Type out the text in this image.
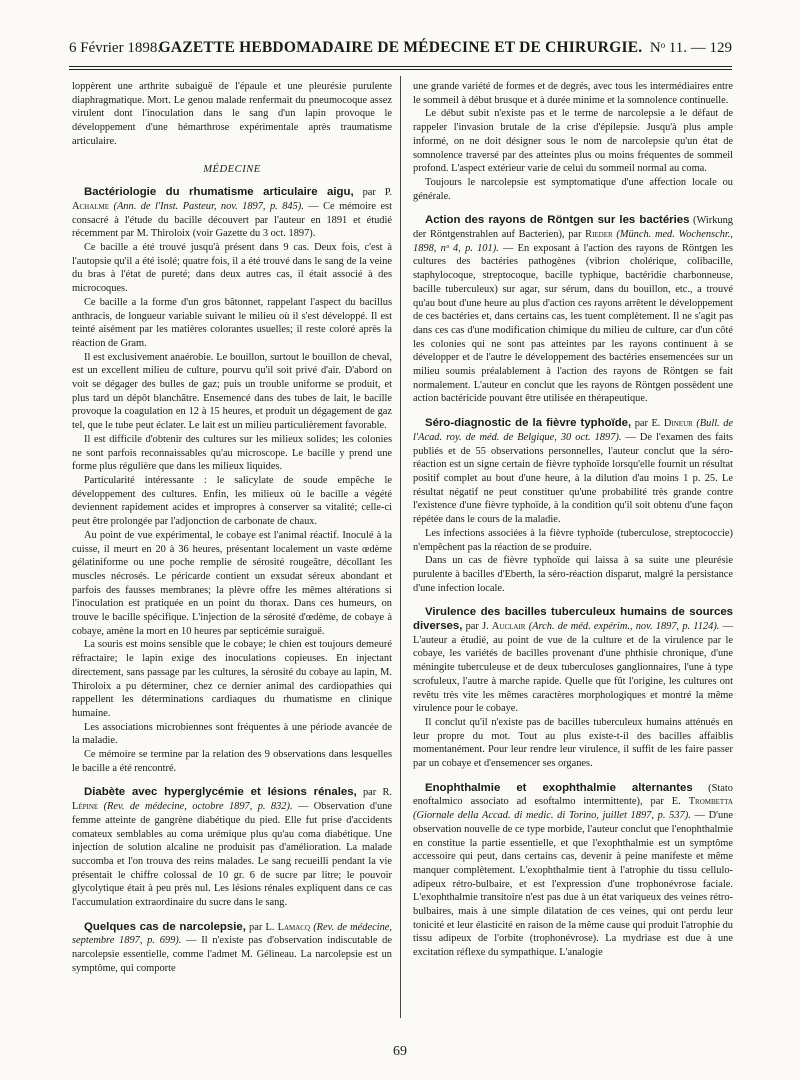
6 Février 1898.
GAZETTE HEBDOMADAIRE DE MÉDECINE ET DE CHIRURGIE. Nᵒ 11. — 129

loppèrent une arthrite subaiguë de l'épaule et une pleurésie purulente diaphragmatique. Mort. Le genou malade renfermait du pneumocoque assez virulent dont l'inoculation dans le sang d'un lapin provoque le développement d'une hémarthrose expérimentale après traumatisme articulaire.

MÉDECINE

Bactériologie du rhumatisme articulaire aigu, par P. Achalme (Ann. de l'Inst. Pasteur, nov. 1897, p. 845). — Ce mémoire est consacré à l'étude du bacille découvert par l'auteur en 1891 et étudié récemment par M. Thiroloix (voir Gazette du 3 oct. 1897).

Ce bacille a été trouvé jusqu'à présent dans 9 cas. Deux fois, c'est à l'autopsie qu'il a été isolé; quatre fois, il a été trouvé dans le sang de la veine du bras à l'état de pureté; dans deux autres cas, il était associé à des microcoques.

Ce bacille a la forme d'un gros bâtonnet, rappelant l'aspect du bacillus anthracis, de longueur variable suivant le milieu où il s'est développé. Il est teinté aisément par les matières colorantes usuelles; il reste coloré après la réaction de Gram.

Il est exclusivement anaérobie. Le bouillon, surtout le bouillon de cheval, est un excellent milieu de culture, pourvu qu'il soit privé d'air. D'abord on voit se dégager des bulles de gaz; puis un trouble uniforme se produit, et plus tard un dépôt blanchâtre. Ensemencé dans des tubes de lait, le bacille provoque la coagulation en 12 à 15 heures, et produit un dégagement de gaz tel, que le tube peut éclater. Le lait est un milieu particulièrement favorable.

Il est difficile d'obtenir des cultures sur les milieux solides; les colonies ne sont parfois reconnaissables qu'au microscope. Le bacille y prend une forme plus régulière que dans les milieux liquides.

Particularité intéressante : le salicylate de soude empêche le développement des cultures. Enfin, les milieux où le bacille a végété deviennent rapidement acides et impropres à conserver sa vitalité; celle-ci peut être prolongée par l'adjonction de carbonate de chaux.

Au point de vue expérimental, le cobaye est l'animal réactif. Inoculé à la cuisse, il meurt en 20 à 36 heures, présentant localement un vaste œdème gélatiniforme ou une poche remplie de sérosité rougeâtre, décollant les muscles nécrosés. Le péricarde contient un exsudat séreux abondant et parfois des fausses membranes; la plèvre offre les mêmes altérations si l'inoculation est pratiquée en un point du thorax. Dans ces humeurs, on trouve le bacille spécifique. L'injection de la sérosité d'œdème, de cobaye à cobaye, amène la mort en 10 heures par septicémie suraiguë.

La souris est moins sensible que le cobaye; le chien est toujours demeuré réfractaire; le lapin exige des inoculations copieuses. En injectant directement, sans passage par les cultures, la sérosité du cobaye au lapin, M. Thiroloix a pu déterminer, chez ce dernier animal des cardiopathies qui rappellent les déterminations cardiaques du rhumatisme en clinique humaine.

Les associations microbiennes sont fréquentes à une période avancée de la maladie.

Ce mémoire se termine par la relation des 9 observations dans lesquelles le bacille a été rencontré.

Diabète avec hyperglycémie et lésions rénales, par R. Lépine (Rev. de médecine, octobre 1897, p. 832). — Observation d'une femme atteinte de gangrène diabétique du pied. Elle fut prise d'accidents comateux semblables au coma urémique plus qu'au coma diabétique. Une injection de solution alcaline ne produisit pas d'amélioration. La malade succomba et l'on trouva des reins malades. Le sang recueilli pendant la vie présentait le chiffre colossal de 10 gr. 6 de sucre par litre; le pouvoir glycolytique était à peu près nul. Les lésions rénales expliquent dans ce cas l'accumulation extraordinaire du sucre dans le sang.

Quelques cas de narcolepsie, par L. Lamacq (Rev. de médecine, septembre 1897, p. 699). — Il n'existe pas d'observation indiscutable de narcolepsie essentielle, comme l'admet M. Gélineau. La narcolepsie est un symptôme, qui comporte

une grande variété de formes et de degrés, avec tous les intermédiaires entre le sommeil à début brusque et à durée minime et la somnolence continuelle.

Le début subit n'existe pas et le terme de narcolepsie a le défaut de rappeler l'invasion brutale de la crise d'épilepsie. Jusqu'à plus ample informé, on ne doit désigner sous le nom de narcolepsie qu'un état de somnolence traversé par des atteintes plus ou moins fréquentes de sommeil profond. L'aspect extérieur varie de celui du sommeil normal au coma.

Toujours le narcolepsie est symptomatique d'une affection locale ou générale.

Action des rayons de Röntgen sur les bactéries (Wirkung der Röntgenstrahlen auf Bacterien), par Rieder (Münch. med. Wochenschr., 1898, nᵒ 4, p. 101). — En exposant à l'action des rayons de Röntgen les cultures des bactéries pathogènes (vibrion cholérique, colibacille, staphylocoque, streptocoque, bacille typhique, bactéridie charbonneuse, bacille tuberculeux) sur agar, sur sérum, dans du bouillon, etc., a trouvé qu'au bout d'une heure au plus d'action ces rayons arrêtent le développement de ces bactéries et, dans certains cas, les tuent complètement. Il ne s'agit pas dans ces cas d'une modification chimique du milieu de culture, car d'un côté les colonies qui ne sont pas atteintes par les rayons continuent à se développer et de l'autre le développement des bactéries ensemencées sur un milieu soumis préalablement à l'action des rayons de Röntgen se fait normalement. L'auteur en conclut que les rayons de Röntgen possèdent une action bactéricide pouvant être utilisée en thérapeutique.

Séro-diagnostic de la fièvre typhoïde, par E. Dineur (Bull. de l'Acad. roy. de méd. de Belgique, 30 oct. 1897). — De l'examen des faits publiés et de 55 observations personnelles, l'auteur conclut que la séro-réaction est un signe certain de fièvre typhoïde lorsqu'elle fournit un résultat positif complet au bout d'une heure, à la dilution d'au moins 1 p. 25. Le résultat négatif ne peut constituer qu'une probabilité très grande contre l'existence d'une fièvre typhoïde, à la condition qu'il soit obtenu d'une façon répétée dans le cours de la maladie.

Les infections associées à la fièvre typhoïde (tuberculose, streptococcie) n'empêchent pas la réaction de se produire.

Dans un cas de fièvre typhoïde qui laissa à sa suite une pleurésie purulente à bacilles d'Eberth, la séro-réaction disparut, malgré la persistance d'une infection locale.

Virulence des bacilles tuberculeux humains de sources diverses, par J. Auclair (Arch. de méd. expérim., nov. 1897, p. 1124). — L'auteur a étudié, au point de vue de la culture et de la virulence par le cobaye, les variétés de bacilles provenant d'une phthisie chronique, d'une méningite tuberculeuse et de deux tuberculoses ganglionnaires, l'une à type scrofuleux, l'autre à marche rapide. Quelle que fût l'origine, les cultures ont revêtu très vite les mêmes caractères morphologiques et montré la même virulence pour le cobaye.

Il conclut qu'il n'existe pas de bacilles tuberculeux humains atténués en leur propre du mot. Tout au plus existe-t-il des bacilles affaiblis momentanément. Pour leur rendre leur virulence, il suffit de les faire passer par un cobaye et d'ensemencer ses organes.

Enophthalmie et exophthalmie alternantes (Stato enoftalmico associato ad esoftalmo intermittente), par E. Trombetta (Giornale della Accad. di medic. di Torino, juillet 1897, p. 537). — D'une observation nouvelle de ce type morbide, l'auteur conclut que l'enophthalmie en constitue la partie essentielle, et que l'exophthalmie est un symptôme accessoire qui peut, dans certains cas, devenir à peine manifeste et même manquer complètement. L'exophthalmie tient à l'atrophie du tissu cellulo-adipeux rétro-bulbaire, et est l'expression d'une trophonévrose faciale. L'exophthalmie transitoire n'est pas due à un état variqueux des veines rétro-bulbaires, mais à une simple dilatation de ces veines, qui ont perdu leur tonicité et leur élasticité en raison de la même cause qui produit l'atrophie du tissu adipeux de l'orbite (trophonévrose). La mydriase est due à une excitation réflexe du sympathique. L'analogie

69
